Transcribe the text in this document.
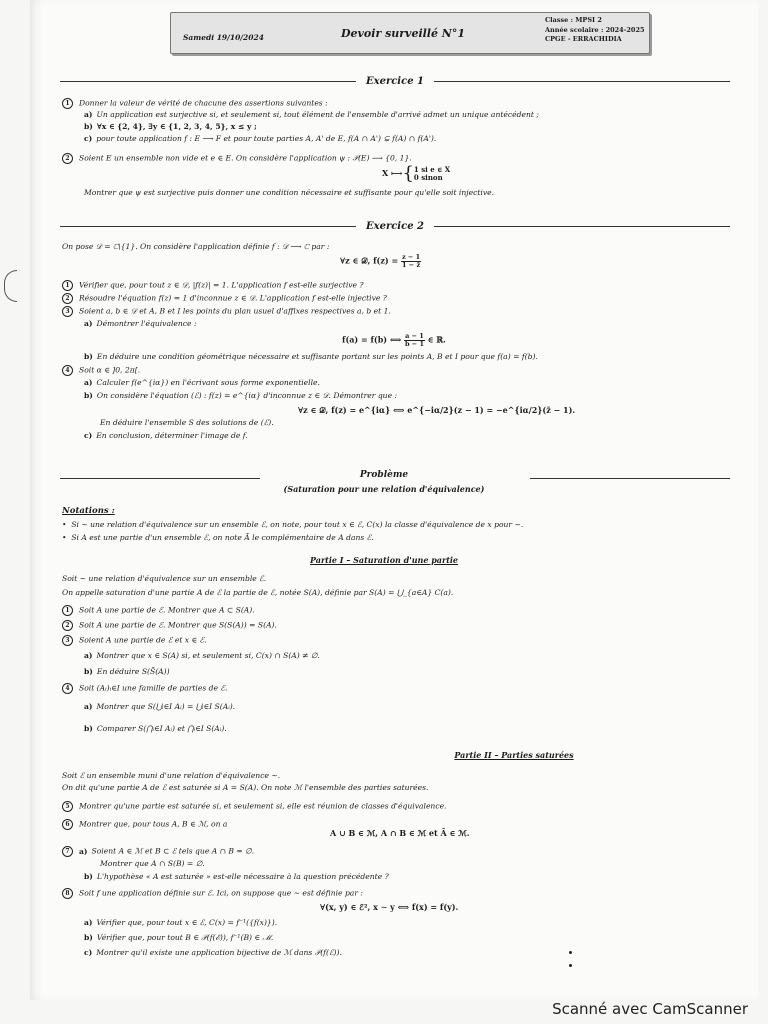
Samedi 19/10/2024	Devoir surveillé N°1
Classe : MPSI 2
Année scolaire : 2024-2025
CPGE - ERRACHIDIA
Exercice 1
1 Donner la valeur de vérité de chacune des assertions suivantes :
a) Un application est surjective si, et seulement si, tout élément de l'ensemble d'arrivé admet un unique antécédent ;
b) ∀x ∈ {2, 4}, ∃y ∈ {1, 2, 3, 4, 5}, x ≤ y ;
c) pour toute application f : E ⟶ F et pour toute parties A, A' de E, f(A ∩ A') ⊊ f(A) ∩ f(A').
2 Soient E un ensemble non vide et e ∈ E. On considère l'application ψ : 𝒫(E) ⟶ {0, 1}.
X ⟼{ 1 si e ∈ X
0 sinon
Montrer que ψ est surjective puis donner une condition nécessaire et suffisante pour qu'elle soit injective.
Exercice 2
On pose 𝒟 = ℂ\{1}. On considère l'application définie f : 𝒟 ⟶ ℂ par :
∀z ∈ 𝒟, $f(z) = \frac{z - 1}{1 - z̄}$
1 Vérifier que, pour tout z ∈ 𝒟, |f(z)| = 1. L'application f est-elle surjective ?
2 Résoudre l'équation f(z) = 1 d'inconnue z ∈ 𝒟. L'application f est-elle injective ?
3 Soient a, b ∈ 𝒟 et A, B et I les points du plan usuel d'affixes respectives a, b et 1.
a) Démontrer l'équivalence :
f(a) = f(b) ⟺ $\frac{a - 1}{b - 1}$ ∈ ℝ.
b) En déduire une condition géométrique nécessaire et suffisante portant sur les points A, B et I pour que f(a) = f(b).
4 Soit α ∈ ]0, 2π[.
a) Calculer f(e^{iα}) en l'écrivant sous forme exponentielle.
b) On considère l'équation (ℰ) : f(z) = e^{iα} d'inconnue z ∈ 𝒟. Démontrer que :
∀z ∈ 𝒟, f(z) = e^{iα} ⟺ e^{−iα/2}(z − 1) = −e^{iα/2}(z̄ − 1).
En déduire l'ensemble S des solutions de (ℰ).
c) En conclusion, déterminer l'image de f.
Problème
(Saturation pour une relation d'équivalence)
Notations :
•  Si ∼ une relation d'équivalence sur un ensemble ℰ, on note, pour tout x ∈ ℰ, C(x) la classe d'équivalence de x pour ∼.
•  Si A est une partie d'un ensemble ℰ, on note Ā le complémentaire de A dans ℰ.
Partie I – Saturation d'une partie
Soit ∼ une relation d'équivalence sur un ensemble ℰ.
On appelle saturation d'une partie A de ℰ la partie de ℰ, notée S(A), définie par S(A) = ⋃_{a∈A} C(a).
1 Soit A une partie de ℰ. Montrer que A ⊂ S(A).
2 Soit A une partie de ℰ. Montrer que S(S(A)) = S(A).
3 Soient A une partie de ℰ et x ∈ ℰ.
a) Montrer que x ∈ S(A) si, et seulement si, C(x) ∩ S(A) ≠ ∅.
b) En déduire S(S̄(A))
4 Soit (Aᵢ)ᵢ∈I une famille de parties de ℰ.
a) Montrer que S(⋃ᵢ∈I Aᵢ) = ⋃ᵢ∈I S(Aᵢ).
b) Comparer S(⋂ᵢ∈I Aᵢ) et ⋂ᵢ∈I S(Aᵢ).
Partie II – Parties saturées
Soit ℰ un ensemble muni d'une relation d'équivalence ∼.
On dit qu'une partie A de ℰ est saturée si A = S(A). On note ℳ l'ensemble des parties saturées.
5 Montrer qu'une partie est saturée si, et seulement si, elle est réunion de classes d'équivalence.
6 Montrer que, pour tous A, B ∈ ℳ, on a
A ∪ B ∈ ℳ, A ∩ B ∈ ℳ et Ā ∈ ℳ.
7 a) Soient A ∈ ℳ et B ⊂ ℰ tels que A ∩ B = ∅.
Montrer que A ∩ S(B) = ∅.
b) L'hypothèse « A est saturée » est-elle nécessaire à la question précédente ?
8 Soit f une application définie sur ℰ. Ici, on suppose que ∼ est définie par :
∀(x, y) ∈ ℰ², x ∼ y ⟺ f(x) = f(y).
a) Vérifier que, pour tout x ∈ ℰ, C(x) = f⁻¹({f(x)}).
b) Vérifier que, pour tout B ∈ 𝒫(f(ℰ)), f⁻¹(B) ∈ ℳ.
c) Montrer qu'il existe une application bijective de ℳ dans 𝒫(f(ℰ)).
Scanné avec CamScanner
